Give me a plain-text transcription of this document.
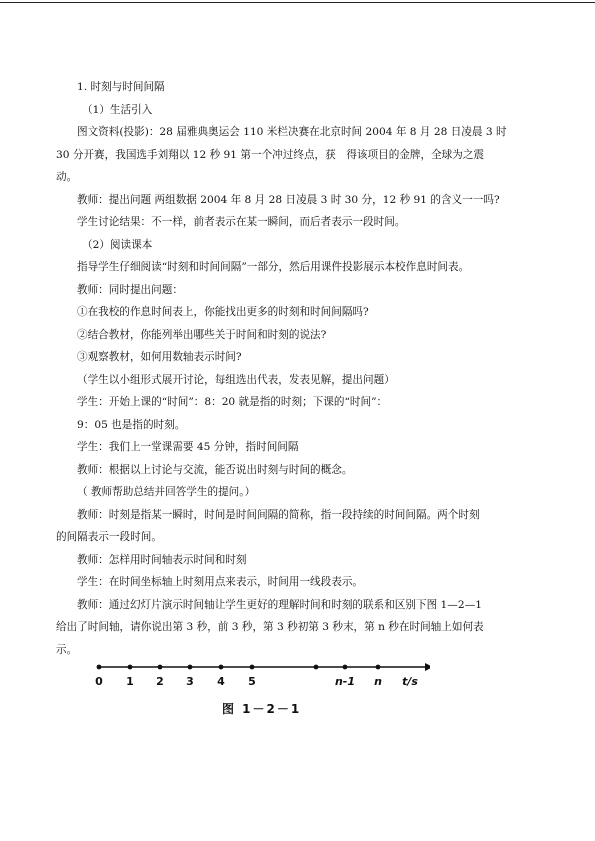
1. 时刻与时间间隔
（1）生活引入
图文资料(投影)：28 届雅典奥运会 110 米栏决赛在北京时间 2004 年 8 月 28 日凌晨 3 时
30 分开赛，我国选手刘翔以 12 秒 91 第一个冲过终点，获　得该项目的金牌，全球为之震
动。
教师：提出问题 两组数据 2004 年 8 月 28 日凌晨 3 时 30 分，12 秒 91 的含义一一吗?
学生讨论结果：不一样，前者表示在某一瞬间，而后者表示一段时间。
（2）阅读课本
指导学生仔细阅读“时刻和时间间隔”一部分，然后用课件投影展示本校作息时间表。
教师：同时提出问题：
①在我校的作息时间表上，你能找出更多的时刻和时间间隔吗?
②结合教材，你能列举出哪些关于时间和时刻的说法?
③观察教材，如何用数轴表示时间?
（学生以小组形式展开讨论，每组选出代表，发表见解，提出问题）
学生：开始上课的“时间”：8：20 就是指的时刻；下课的“时间”：
9：05 也是指的时刻。
学生：我们上一堂课需要 45 分钟，指时间间隔
教师：根据以上讨论与交流，能否说出时刻与时间的概念。
（ 教师帮助总结并回答学生的提问。）
教师：时刻是指某一瞬时，时间是时间间隔的简称，指一段持续的时间间隔。两个时刻
的间隔表示一段时间。
教师：怎样用时间轴表示时间和时刻
学生：在时间坐标轴上时刻用点来表示，时间用一线段表示。
教师：通过幻灯片演示时间轴让学生更好的理解时间和时刻的联系和区别下图 1—2—1
给出了时间轴，请你说出第 3 秒，前 3 秒，第 3 秒初第 3 秒末，第 n 秒在时间轴上如何表
示。
0 1 2 3 4 5	n-1 n t/s
图 1－2－1
